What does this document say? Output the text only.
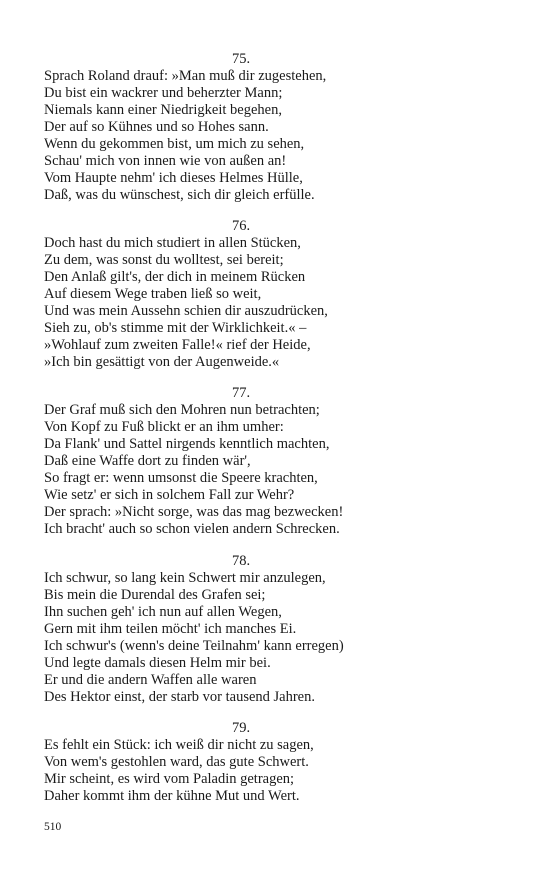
75.
Sprach Roland drauf: »Man muß dir zugestehen,
Du bist ein wackrer und beherzter Mann;
Niemals kann einer Niedrigkeit begehen,
Der auf so Kühnes und so Hohes sann.
Wenn du gekommen bist, um mich zu sehen,
Schau' mich von innen wie von außen an!
Vom Haupte nehm' ich dieses Helmes Hülle,
Daß, was du wünschest, sich dir gleich erfülle.
76.
Doch hast du mich studiert in allen Stücken,
Zu dem, was sonst du wolltest, sei bereit;
Den Anlaß gilt's, der dich in meinem Rücken
Auf diesem Wege traben ließ so weit,
Und was mein Aussehn schien dir auszudrücken,
Sieh zu, ob's stimme mit der Wirklichkeit.« –
»Wohlauf zum zweiten Falle!« rief der Heide,
»Ich bin gesättigt von der Augenweide.«
77.
Der Graf muß sich den Mohren nun betrachten;
Von Kopf zu Fuß blickt er an ihm umher:
Da Flank' und Sattel nirgends kenntlich machten,
Daß eine Waffe dort zu finden wär',
So fragt er: wenn umsonst die Speere krachten,
Wie setz' er sich in solchem Fall zur Wehr?
Der sprach: »Nicht sorge, was das mag bezwecken!
Ich bracht' auch so schon vielen andern Schrecken.
78.
Ich schwur, so lang kein Schwert mir anzulegen,
Bis mein die Durendal des Grafen sei;
Ihn suchen geh' ich nun auf allen Wegen,
Gern mit ihm teilen möcht' ich manches Ei.
Ich schwur's (wenn's deine Teilnahm' kann erregen)
Und legte damals diesen Helm mir bei.
Er und die andern Waffen alle waren
Des Hektor einst, der starb vor tausend Jahren.
79.
Es fehlt ein Stück: ich weiß dir nicht zu sagen,
Von wem's gestohlen ward, das gute Schwert.
Mir scheint, es wird vom Paladin getragen;
Daher kommt ihm der kühne Mut und Wert.
510
